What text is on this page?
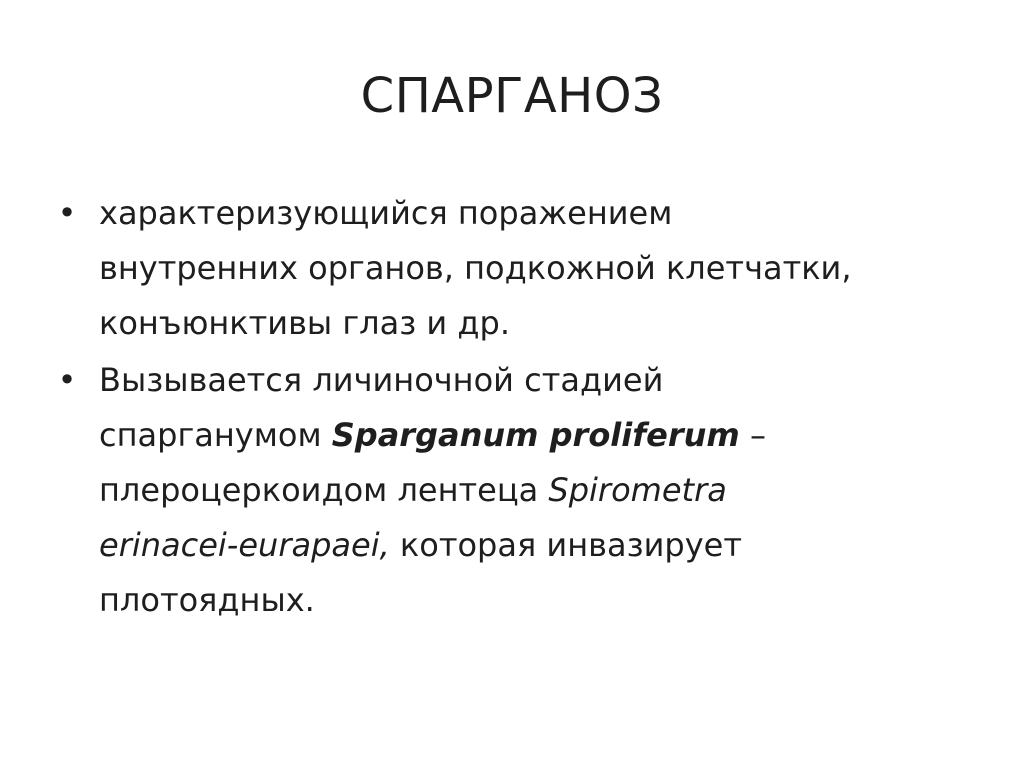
СПАРГАНОЗ
• характеризующийся поражением
внутренних органов, подкожной клетчатки,
конъюнктивы глаз и др.
• Вызывается личиночной стадией
спарганумом Sparganum proliferum –
плероцеркоидом лентеца Spirometra
erinacei-eurapaei, которая инвазирует
плотоядных.
